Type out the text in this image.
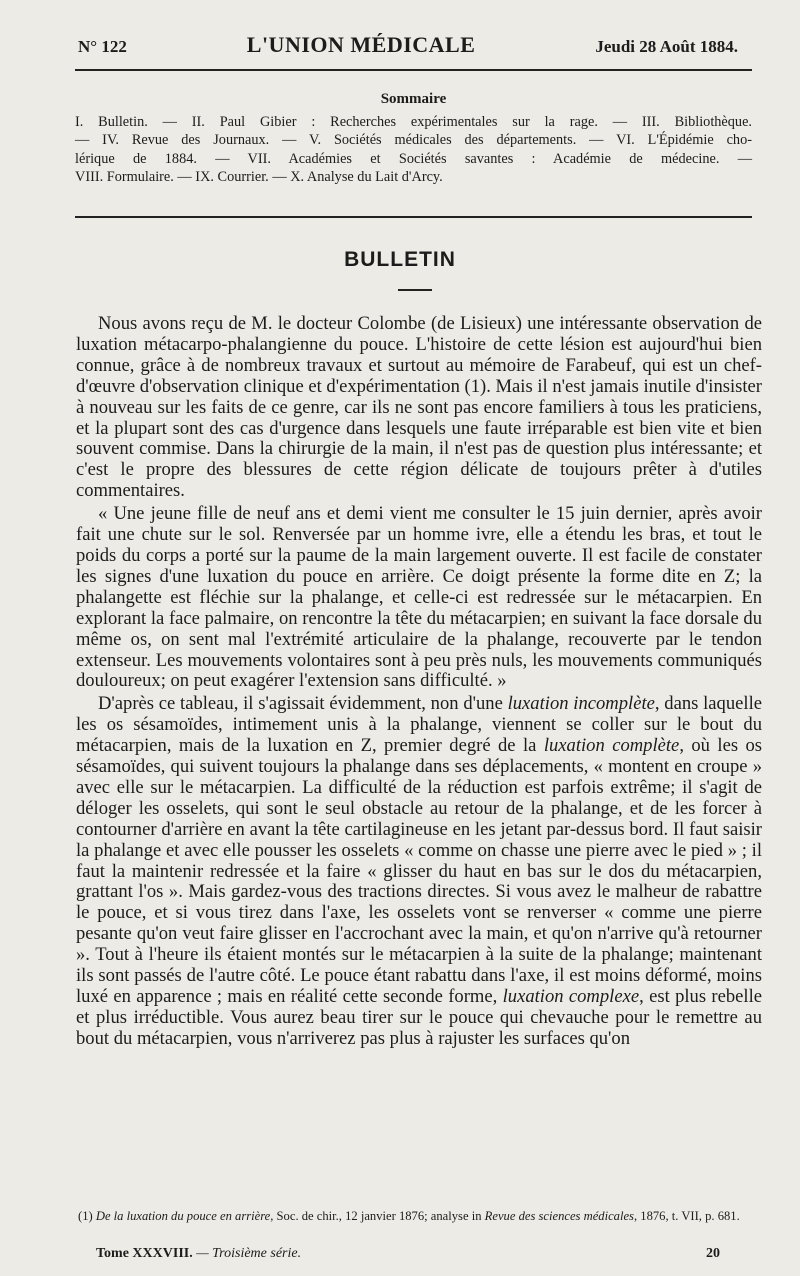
N° 122	L'UNION MÉDICALE	Jeudi 28 Août 1884.
Sommaire
I. Bulletin. — II. Paul Gibier : Recherches expérimentales sur la rage. — III. Bibliothèque.
— IV. Revue des Journaux. — V. Sociétés médicales des départements. — VI. L'Épidémie cho-
lérique de 1884. — VII. Académies et Sociétés savantes : Académie de médecine. —
VIII. Formulaire. — IX. Courrier. — X. Analyse du Lait d'Arcy.
BULLETIN

Nous avons reçu de M. le docteur Colombe (de Lisieux) une intéressante observation de luxation métacarpo-phalangienne du pouce. L'histoire de cette lésion est aujourd'hui bien connue, grâce à de nombreux travaux et surtout au mémoire de Farabeuf, qui est un chef-d'œuvre d'observation clinique et d'expérimentation (1). Mais il n'est jamais inutile d'insister à nouveau sur les faits de ce genre, car ils ne sont pas encore familiers à tous les praticiens, et la plupart sont des cas d'urgence dans lesquels une faute irréparable est bien vite et bien souvent commise. Dans la chirurgie de la main, il n'est pas de question plus intéressante; et c'est le propre des blessures de cette région délicate de toujours prêter à d'utiles commentaires.

« Une jeune fille de neuf ans et demi vient me consulter le 15 juin dernier, après avoir fait une chute sur le sol. Renversée par un homme ivre, elle a étendu les bras, et tout le poids du corps a porté sur la paume de la main largement ouverte. Il est facile de constater les signes d'une luxation du pouce en arrière. Ce doigt présente la forme dite en Z; la phalangette est fléchie sur la phalange, et celle-ci est redressée sur le métacarpien. En explorant la face palmaire, on rencontre la tête du métacarpien; en suivant la face dorsale du même os, on sent mal l'extrémité articulaire de la phalange, recouverte par le tendon extenseur. Les mouvements volontaires sont à peu près nuls, les mouvements communiqués douloureux; on peut exagérer l'extension sans difficulté. »

D'après ce tableau, il s'agissait évidemment, non d'une luxation incomplète, dans laquelle les os sésamoïdes, intimement unis à la phalange, viennent se coller sur le bout du métacarpien, mais de la luxation en Z, premier degré de la luxation complète, où les os sésamoïdes, qui suivent toujours la phalange dans ses déplacements, « montent en croupe » avec elle sur le métacarpien. La difficulté de la réduction est parfois extrême; il s'agit de déloger les osselets, qui sont le seul obstacle au retour de la phalange, et de les forcer à contourner d'arrière en avant la tête cartilagineuse en les jetant par-dessus bord. Il faut saisir la phalange et avec elle pousser les osselets « comme on chasse une pierre avec le pied » ; il faut la maintenir redressée et la faire « glisser du haut en bas sur le dos du métacarpien, grattant l'os ». Mais gardez-vous des tractions directes. Si vous avez le malheur de rabattre le pouce, et si vous tirez dans l'axe, les osselets vont se renverser « comme une pierre pesante qu'on veut faire glisser en l'accrochant avec la main, et qu'on n'arrive qu'à retourner ». Tout à l'heure ils étaient montés sur le métacarpien à la suite de la phalange; maintenant ils sont passés de l'autre côté. Le pouce étant rabattu dans l'axe, il est moins déformé, moins luxé en apparence ; mais en réalité cette seconde forme, luxation complexe, est plus rebelle et plus irréductible. Vous aurez beau tirer sur le pouce qui chevauche pour le remettre au bout du métacarpien, vous n'arriverez pas plus à rajuster les surfaces qu'on

(1) De la luxation du pouce en arrière, Soc. de chir., 12 janvier 1876; analyse in Revue des sciences médicales, 1876, t. VII, p. 681.
Tome XXXVIII. — Troisième série.	20
